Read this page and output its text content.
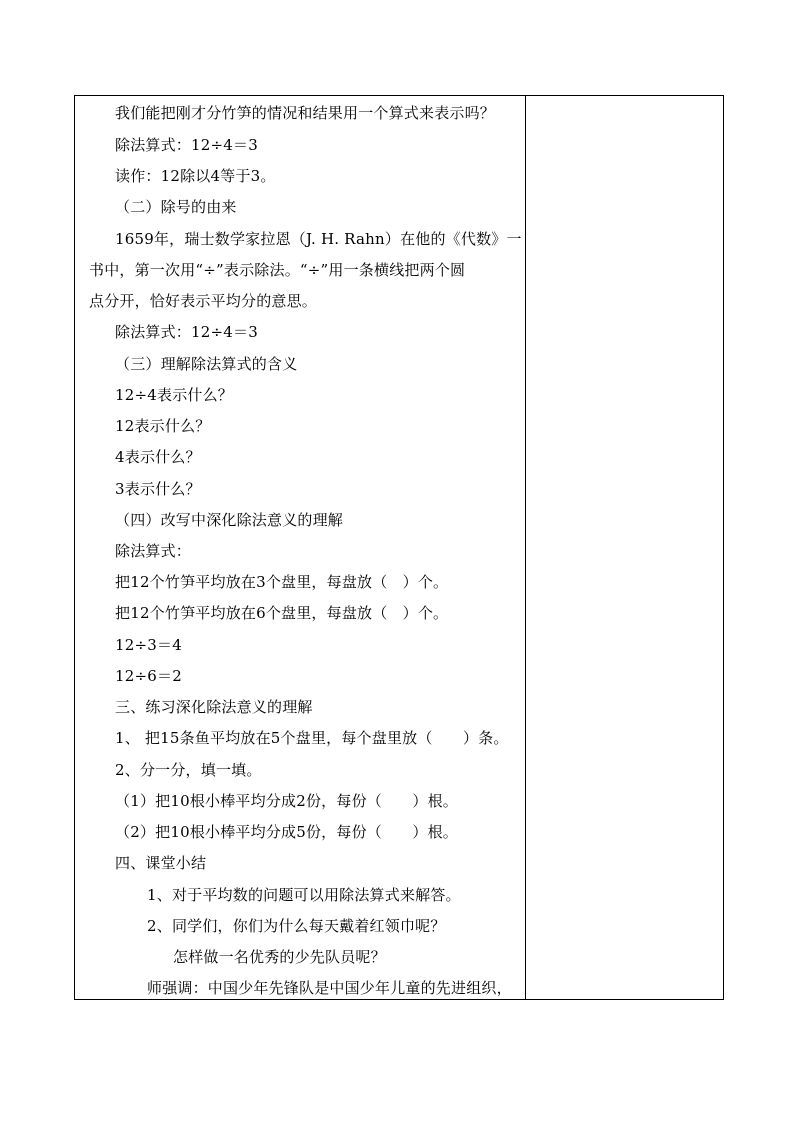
我们能把刚才分竹笋的情况和结果用一个算式来表示吗？
除法算式：12÷4＝3
读作：12除以4等于3。
（二）除号的由来
1659年，瑞士数学家拉恩（J. H. Rahn）在他的《代数》一
书中，第一次用“÷”表示除法。“÷”用一条横线把两个圆
点分开，恰好表示平均分的意思。
除法算式：12÷4＝3
（三）理解除法算式的含义
12÷4表示什么？
12表示什么？
4表示什么？
3表示什么？
（四）改写中深化除法意义的理解
除法算式：
把12个竹笋平均放在3个盘里，每盘放（　）个。
把12个竹笋平均放在6个盘里，每盘放（　）个。
12÷3＝4
12÷6＝2
三、练习深化除法意义的理解
1、 把15条鱼平均放在5个盘里，每个盘里放（　　）条。
2、分一分，填一填。
（1）把10根小棒平均分成2份，每份（　　）根。
（2）把10根小棒平均分成5份，每份（　　）根。
四、课堂小结
1、对于平均数的问题可以用除法算式来解答。
2、同学们，你们为什么每天戴着红领巾呢？
怎样做一名优秀的少先队员呢？
师强调：中国少年先锋队是中国少年儿童的先进组织，
